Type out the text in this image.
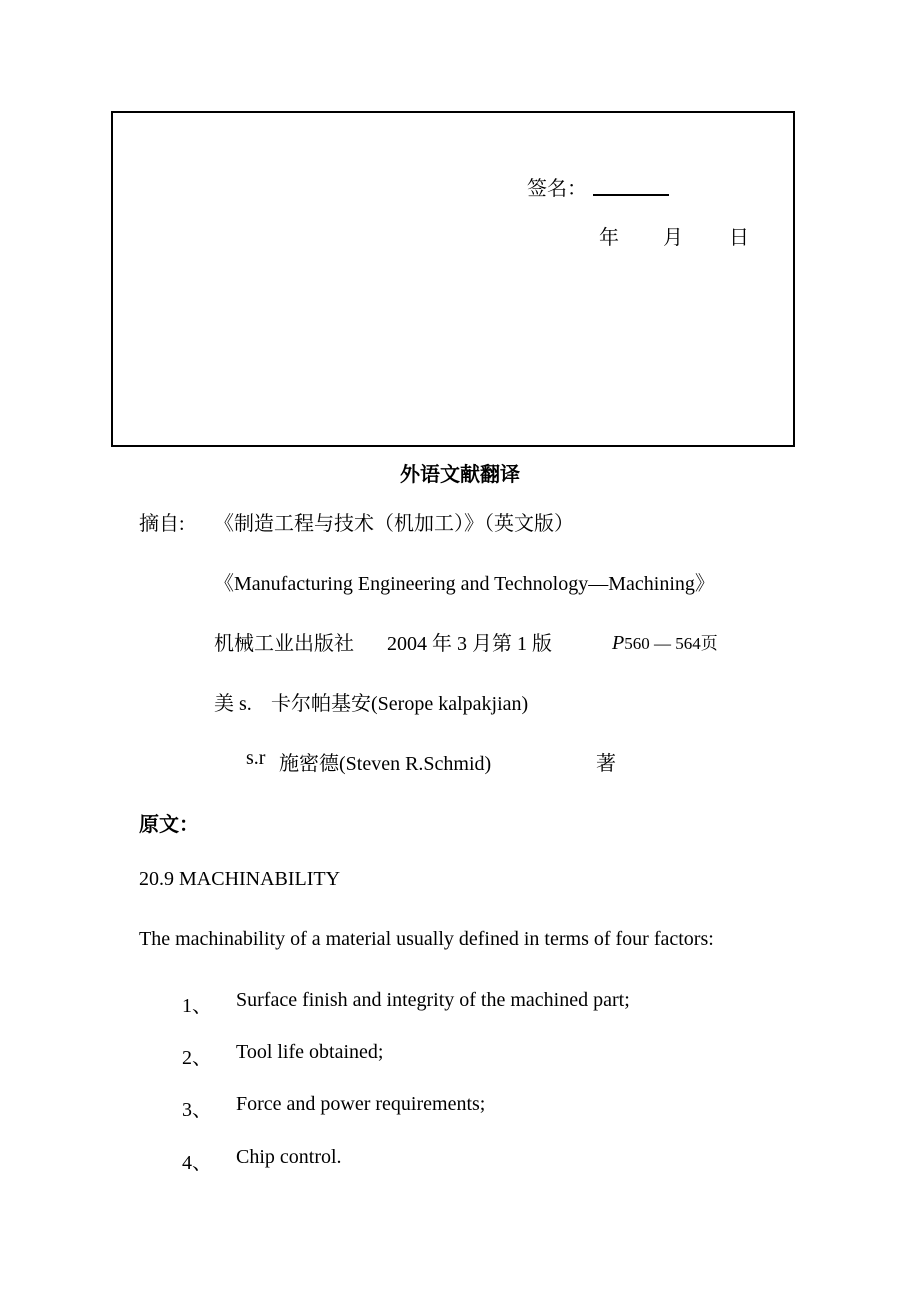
签名：
年 月 日
外语文献翻译
摘自: 《制造工程与技术（机加工）》（英文版）
《Manufacturing Engineering and Technology—Machining》
机械工业出版社 2004 年 3 月第 1 版	P560 — 564页
美 s. 卡尔帕基安(Serope kalpakjian)
s.r 施密德(Steven R.Schmid)	著
原文：
20.9 MACHINABILITY
The machinability of a material usually defined in terms of four factors:
1、 Surface finish and integrity of the machined part;
2、 Tool life obtained;
3、 Force and power requirements;
4、 Chip control.
